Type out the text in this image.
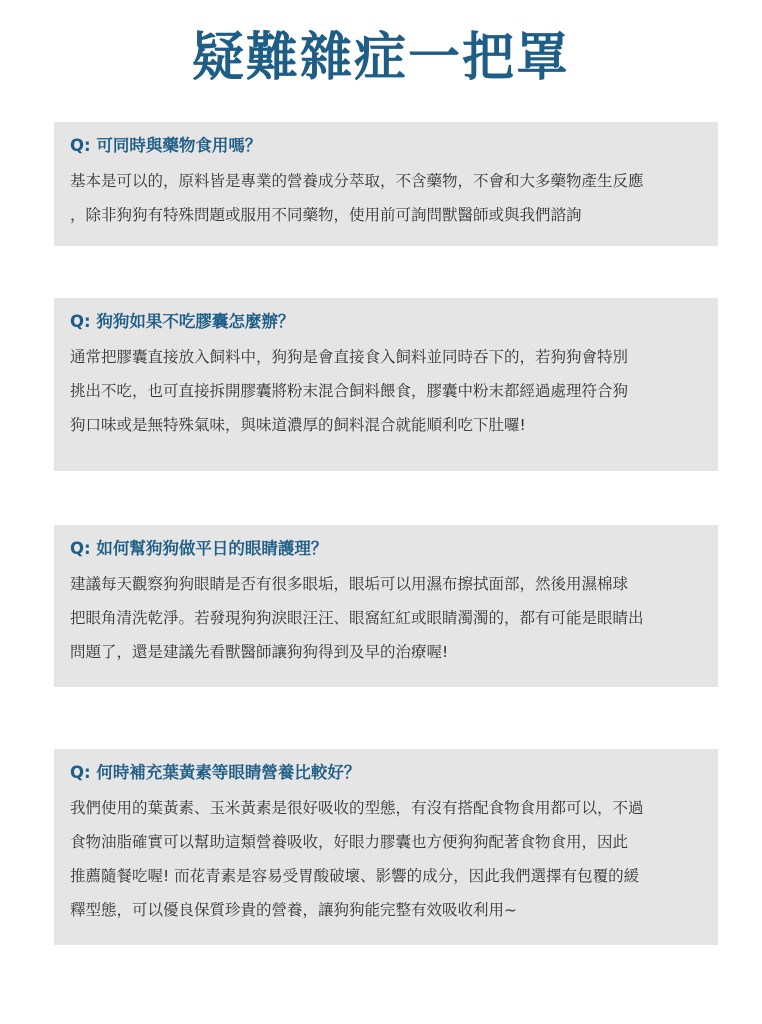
疑難雜症一把罩
Q: 可同時與藥物食用嗎？
基本是可以的，原料皆是專業的營養成分萃取，不含藥物，不會和大多藥物產生反應
，除非狗狗有特殊問題或服用不同藥物，使用前可詢問獸醫師或與我們諮詢
Q: 狗狗如果不吃膠囊怎麼辦？
通常把膠囊直接放入飼料中，狗狗是會直接食入飼料並同時吞下的，若狗狗會特別
挑出不吃，也可直接拆開膠囊將粉末混合飼料餵食，膠囊中粉末都經過處理符合狗
狗口味或是無特殊氣味，與味道濃厚的飼料混合就能順利吃下肚囉!
Q: 如何幫狗狗做平日的眼睛護理？
建議每天觀察狗狗眼睛是否有很多眼垢，眼垢可以用濕布擦拭面部，然後用濕棉球
把眼角清洗乾淨。若發現狗狗淚眼汪汪、眼窩紅紅或眼睛濁濁的，都有可能是眼睛出
問題了，還是建議先看獸醫師讓狗狗得到及早的治療喔!
Q: 何時補充葉黃素等眼睛營養比較好？
我們使用的葉黃素、玉米黃素是很好吸收的型態，有沒有搭配食物食用都可以，不過
食物油脂確實可以幫助這類營養吸收，好眼力膠囊也方便狗狗配著食物食用，因此
推薦隨餐吃喔! 而花青素是容易受胃酸破壞、影響的成分，因此我們選擇有包覆的緩
釋型態，可以優良保質珍貴的營養，讓狗狗能完整有效吸收利用~
